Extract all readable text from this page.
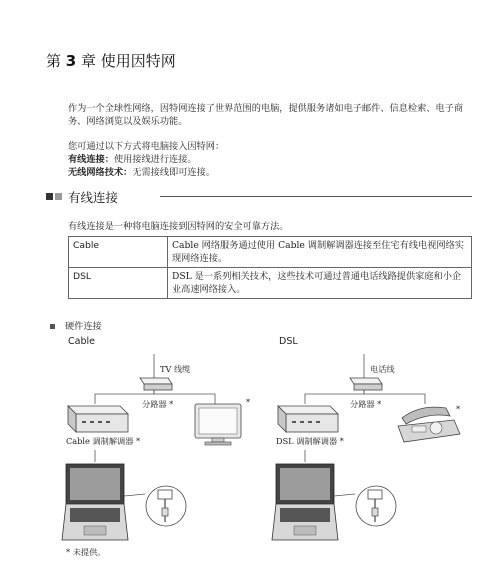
第 3 章 使用因特网
作为一个全球性网络，因特网连接了世界范围的电脑，提供服务诸如电子邮件、信息检索、电子商务、网络浏览以及娱乐功能。
您可通过以下方式将电脑接入因特网：
有线连接：使用接线进行连接。
无线网络技术：无需接线即可连接。
有线连接
有线连接是一种将电脑连接到因特网的安全可靠方法。
Cable	Cable 网络服务通过使用 Cable 调制解调器连接至住宅有线电视网络实现网络连接。
DSL	DSL 是一系列相关技术，这些技术可通过普通电话线路提供家庭和小企业高速网络接入。
硬件连接
Cable	DSL
TV 线缆
分路器 *
Cable 调制解调器 *
*
电话线
分路器 *
DSL 调制解调器 *
*
* 未提供。
